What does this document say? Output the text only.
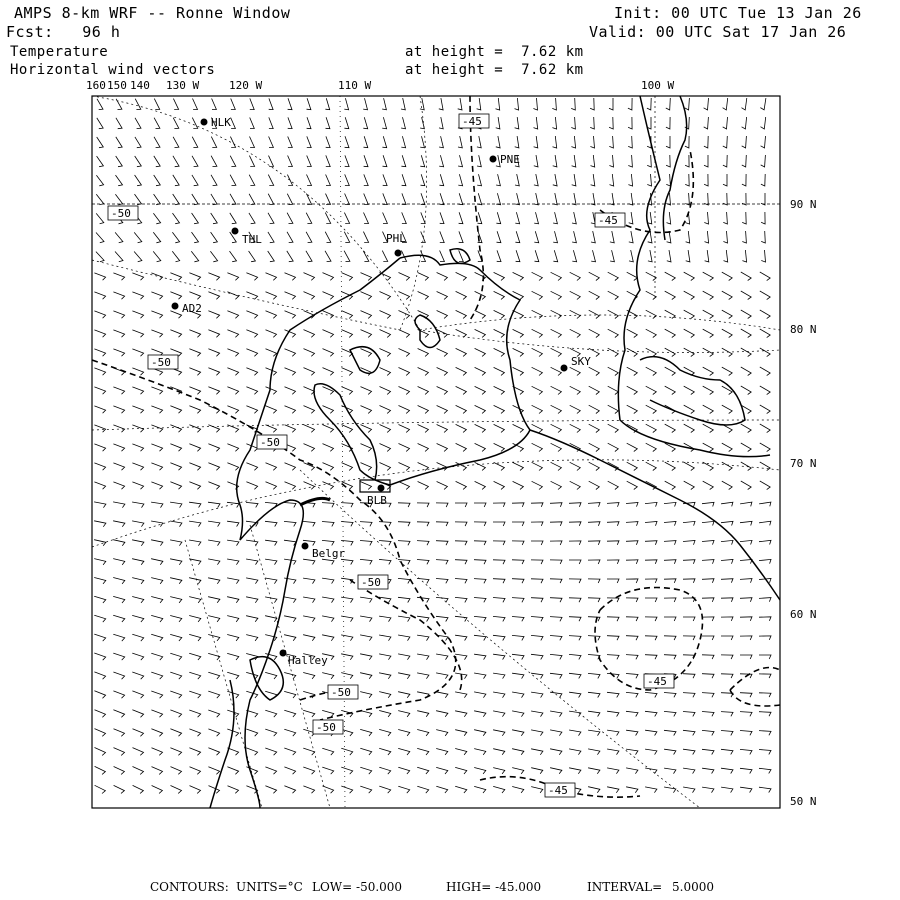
AMPS 8-km WRF -- Ronne Window
Fcst:   96 h
Temperature
Horizontal wind vectors
Init: 00 UTC Tue 13 Jan 26
Valid: 00 UTC Sat 17 Jan 26
at height =  7.62 km
at height =  7.62 km
160 150 140 130 W	120 W	110 W	100 W
90 N
80 N
70 N
60 N
50 N
HLK
PNE
THL	PHL
AD2
SKY
BLB
Belgr
Halley
-45
-45
-50
-50
-50
-50
-45
-50
-50
-45
CONTOURS: UNITS=°C LOW= -50.000	HIGH= -45.000	INTERVAL= 5.0000
